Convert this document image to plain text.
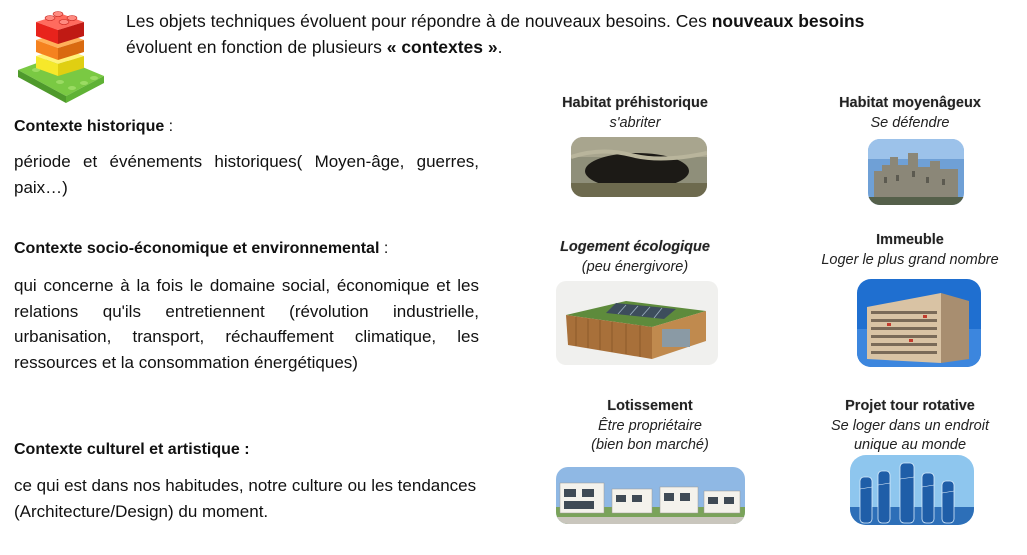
Les objets techniques évoluent pour répondre à de nouveaux besoins. Ces nouveaux besoins
évoluent en fonction de plusieurs « contextes ».
Contexte historique :
période et événements historiques( Moyen-âge, guerres, paix…)
Contexte socio-économique et environnemental :
qui concerne à la fois le domaine social, économique et les relations qu'ils entretiennent (révolution industrielle, urbanisation, transport, réchauffement climatique, les ressources et la consommation énergétiques)
Contexte culturel et artistique :
ce qui est dans nos habitudes, notre culture ou les tendances (Architecture/Design) du moment.
Habitat préhistorique
s'abriter
Habitat moyenâgeux
Se défendre
Logement écologique
(peu énergivore)
Immeuble
Loger le plus grand nombre
Lotissement
Être propriétaire
(bien bon marché)
Projet tour rotative
Se loger dans un endroit
unique au monde
